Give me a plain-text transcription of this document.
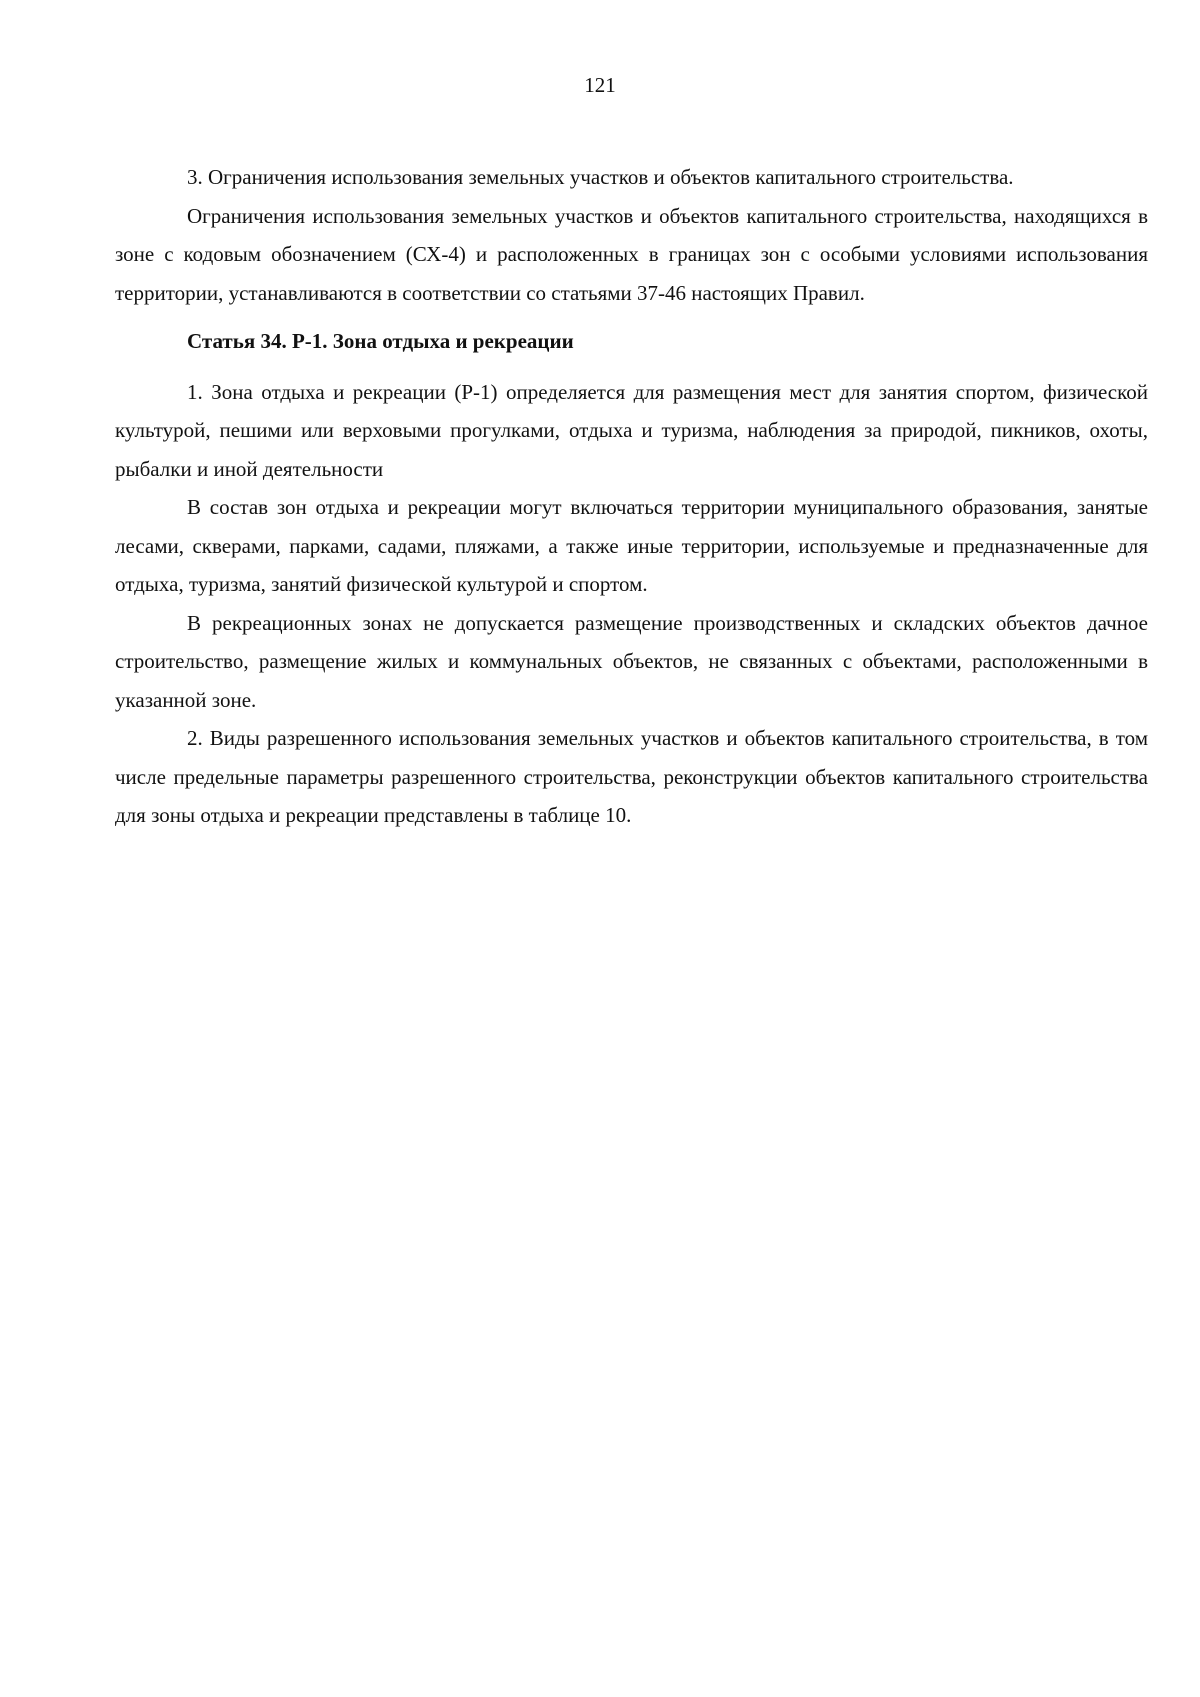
121

3. Ограничения использования земельных участков и объектов капитального строительства.

Ограничения использования земельных участков и объектов капитального строительства, находящихся в зоне с кодовым обозначением (СХ-4) и расположенных в границах зон с особыми условиями использования территории, устанавливаются в соответствии со статьями 37-46 настоящих Правил.

Статья 34. Р-1. Зона отдыха и рекреации

1. Зона отдыха и рекреации (Р-1) определяется для размещения мест для занятия спортом, физической культурой, пешими или верховыми прогулками, отдыха и туризма, наблюдения за природой, пикников, охоты, рыбалки и иной деятельности

В состав зон отдыха и рекреации могут включаться территории муниципального образования, занятые лесами, скверами, парками, садами, пляжами, а также иные территории, используемые и предназначенные для отдыха, туризма, занятий физической культурой и спортом.

В рекреационных зонах не допускается размещение производственных и складских объектов дачное строительство, размещение жилых и коммунальных объектов, не связанных с объектами, расположенными в указанной зоне.

2. Виды разрешенного использования земельных участков и объектов капитального строительства, в том числе предельные параметры разрешенного строительства, реконструкции объектов капитального строительства для зоны отдыха и рекреации представлены в таблице 10.
